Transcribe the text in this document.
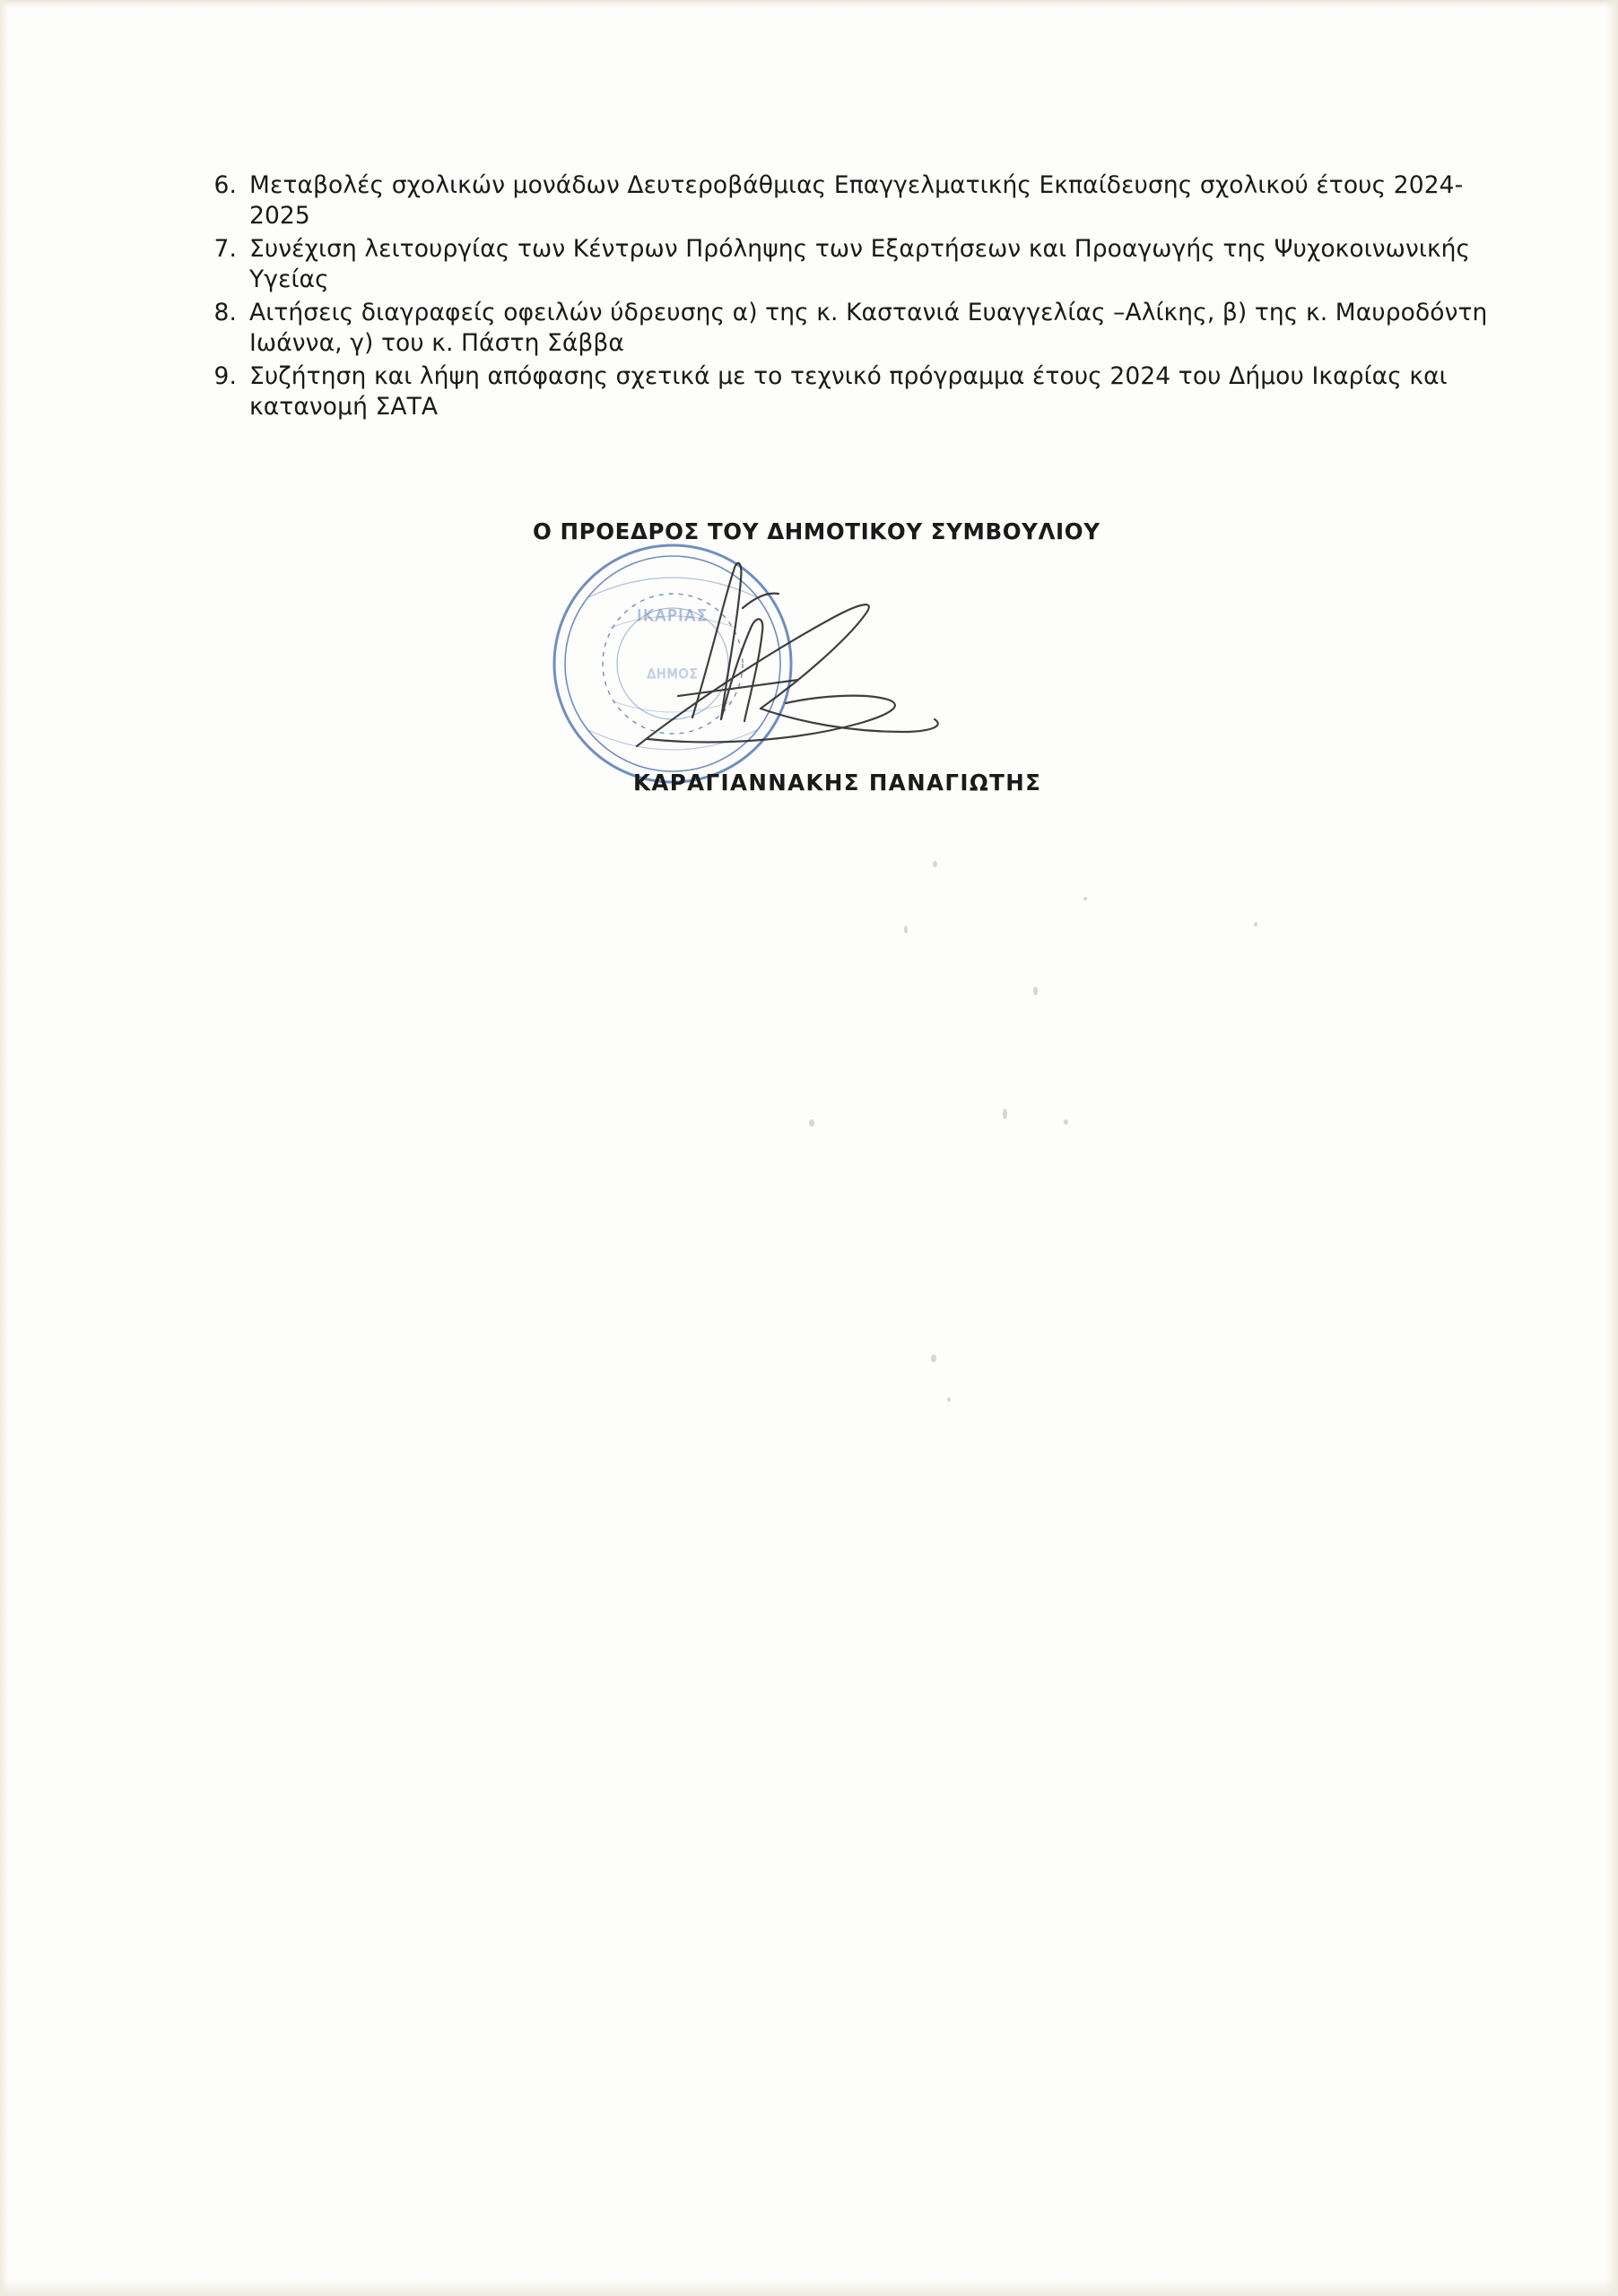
6. Μεταβολές σχολικών μονάδων Δευτεροβάθμιας Επαγγελματικής Εκπαίδευσης σχολικού έτους 2024-2025
7. Συνέχιση λειτουργίας των Κέντρων Πρόληψης των Εξαρτήσεων και Προαγωγής της Ψυχοκοινωνικής Υγείας
8. Αιτήσεις διαγραφείς οφειλών ύδρευσης α) της κ. Καστανιά Ευαγγελίας –Αλίκης, β) της κ. Μαυροδόντη Ιωάννα, γ) του κ. Πάστη Σάββα
9. Συζήτηση και λήψη απόφασης σχετικά με το τεχνικό πρόγραμμα έτους 2024 του Δήμου Ικαρίας και κατανομή ΣΑΤΑ
Ο ΠΡΟΕΔΡΟΣ ΤΟΥ ΔΗΜΟΤΙΚΟΥ ΣΥΜΒΟΥΛΙΟΥ
ΙΚΑΡΙΑΣ
ΔΗΜΟΣ
ΚΑΡΑΓΙΑΝΝΑΚΗΣ ΠΑΝΑΓΙΩΤΗΣ
